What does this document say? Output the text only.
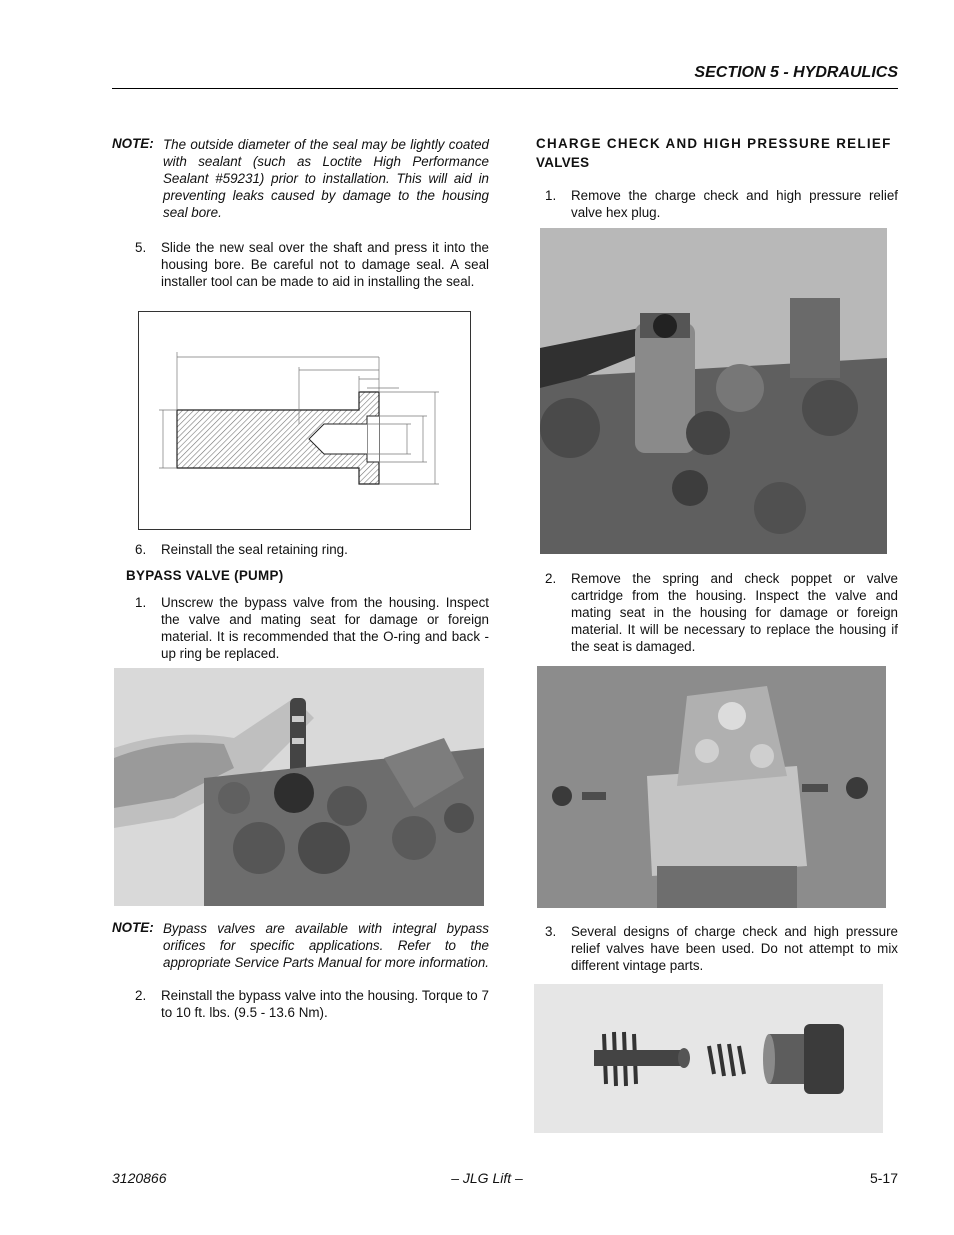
SECTION 5 - HYDRAULICS
NOTE: The outside diameter of the seal may be lightly coated with sealant (such as Loctite High Performance Sealant #59231) prior to installation. This will aid in preventing leaks caused by damage to the housing seal bore.
5. Slide the new seal over the shaft and press it into the housing bore. Be careful not to damage seal. A seal installer tool can be made to aid in installing the seal.
6. Reinstall the seal retaining ring.
BYPASS VALVE (PUMP)
1. Unscrew the bypass valve from the housing. Inspect the valve and mating seat for damage or foreign material. It is recommended that the O-ring and back - up ring be replaced.
NOTE: Bypass valves are available with integral bypass orifices for specific applications. Refer to the appropriate Service Parts Manual for more information.
2. Reinstall the bypass valve into the housing. Torque to 7 to 10 ft. lbs. (9.5 - 13.6 Nm).
CHARGE CHECK AND HIGH PRESSURE RELIEF
VALVES
1. Remove the charge check and high pressure relief valve hex plug.
2. Remove the spring and check poppet or valve cartridge from the housing. Inspect the valve and mating seat in the housing for damage or foreign material. It will be necessary to replace the housing if the seat is damaged.
3. Several designs of charge check and high pressure relief valves have been used. Do not attempt to mix different vintage parts.
3120866	– JLG Lift –	5-17
